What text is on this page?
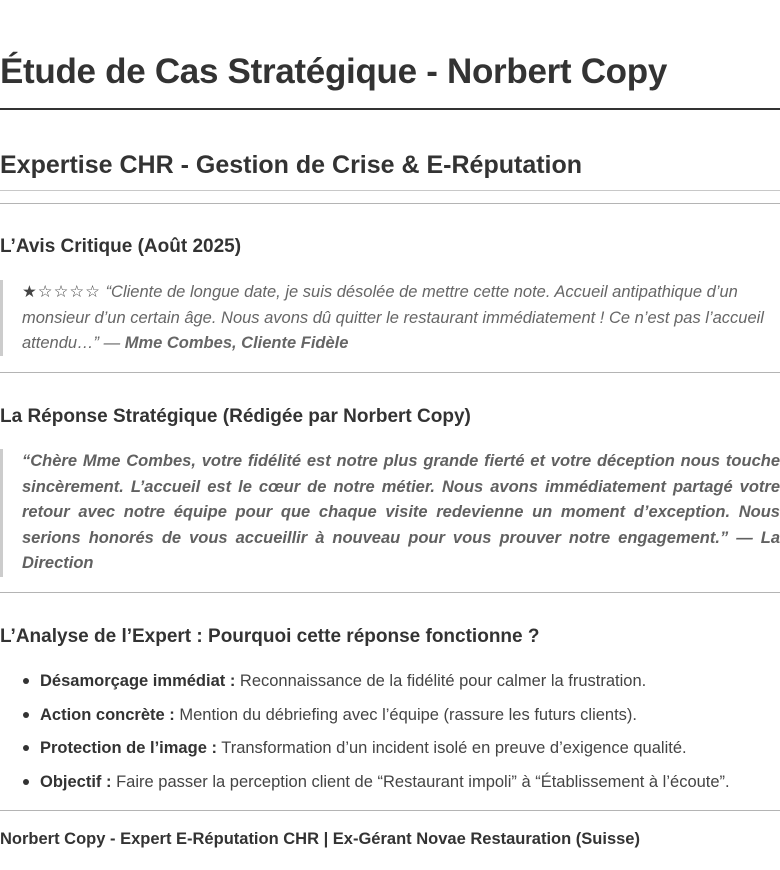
Étude de Cas Stratégique - Norbert Copy
Expertise CHR - Gestion de Crise & E-Réputation
L’Avis Critique (Août 2025)
★☆☆☆☆ “Cliente de longue date, je suis désolée de mettre cette note. Accueil antipathique d’un
monsieur d’un certain âge. Nous avons dû quitter le restaurant immédiatement ! Ce n’est pas l’accueil
attendu…” — Mme Combes, Cliente Fidèle
La Réponse Stratégique (Rédigée par Norbert Copy)
“Chère Mme Combes, votre fidélité est notre plus grande fierté et votre déception nous touche
sincèrement. L’accueil est le cœur de notre métier. Nous avons immédiatement partagé votre
retour avec notre équipe pour que chaque visite redevienne un moment d’exception. Nous
serions honorés de vous accueillir à nouveau pour vous prouver notre engagement.” — La
Direction
L’Analyse de l’Expert : Pourquoi cette réponse fonctionne ?
Désamorçage immédiat : Reconnaissance de la fidélité pour calmer la frustration.
Action concrète : Mention du débriefing avec l’équipe (rassure les futurs clients).
Protection de l’image : Transformation d’un incident isolé en preuve d’exigence qualité.
Objectif : Faire passer la perception client de “Restaurant impoli” à “Établissement à l’écoute”.
Norbert Copy - Expert E-Réputation CHR | Ex-Gérant Novae Restauration (Suisse)
